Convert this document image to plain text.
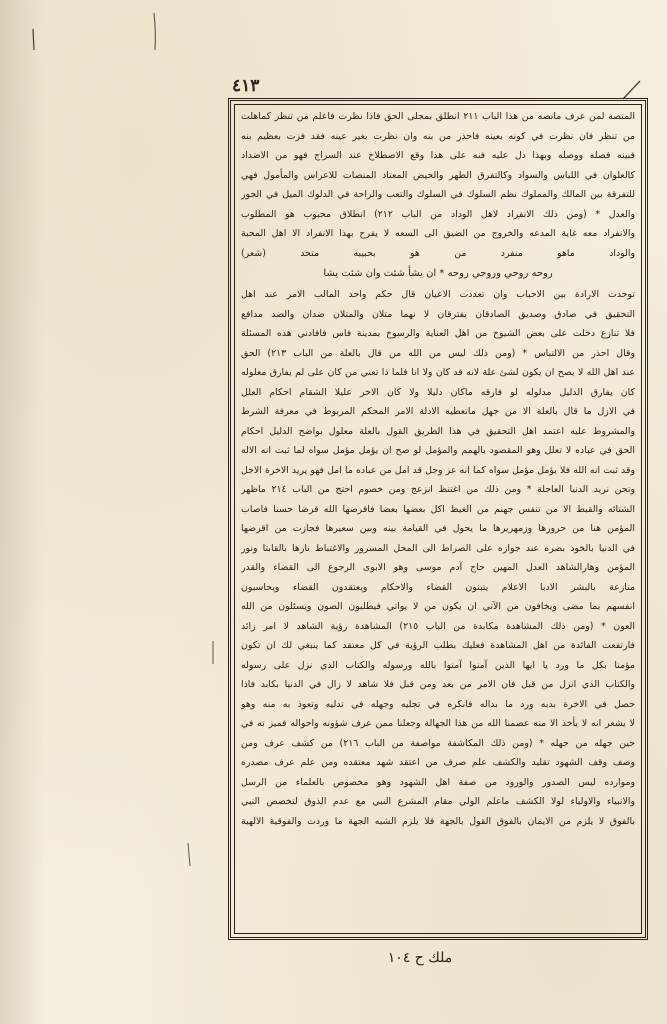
٤١٣
المنصه لمن عرف مانصه من هذا الباب ٢١١ انطلق بمجلى الحق فاذا نظرت فاعلم من تنظر كماهلت
من تنظر فان نظرت في كونه بعينه فاحذر من بنه وان نظرت بغير عينه فقد فزت بعظيم بنه
فبينه فصله ووصله وبهذا دل عليه فنه على هذا وقع الاصطلاح عند السراج فهو من الاضداد
كالعلوان في اللباس والسواد وكالتفرق الطهر والحيض المعتاد المنصات للاعراس والمأمول فهي
للتفرقة بين المالك والمملوك نظم السلوك في السلوك والتعب والراحة في الدلوك الميل في الجور
والعدل * (ومن ذلك الانفراد لاهل الوداد من الباب ٢١٢) انطلاق محبوب هو المطلوب
والانفراد معه غاية المدعه والخروج من الضيق الى السعه لا يفرح بهذا الانفراد الا اهل المحبة
والوداد ماهو منفرد من هو بحبيبه متحد (شعر)
روحه روحي وروحي روحه * ان يشأ شئت وان شئت يشا
توحدت الارادة بين الاحباب وان تعددت الاعيان قال حكم واحد المالب الامر عند اهل
التحقيق في صادق وصديق الصادقان يفترقان لا نهما متلان والمتلان ضدان والضد مدافع
فلا تنازع دخلت على بعض الشيوخ من اهل العناية والرسوخ بمدينة فاس فافادني هذه المسئلة
وقال احذر من الالتباس * (ومن ذلك ليس من الله من قال بالعلة من الباب ٢١٣) الحق
عند اهل الله لا يصح ان يكون لشئ علة لانه قد كان ولا انا فلما ذا تعني من كان على لم يفارق معلوله
كان يفارق الدليل مدلوله لو فارقه ماكان دليلا ولا كان الاخر عليلا الشقام احكام العلل
في الازل ما قال بالعلة الا من جهل ماتعطيه الادلة الامر المحكم المربوط في معرفة الشرط
والمشروط عليه اعتمد اهل التحقيق في هذا الطريق القول بالعلة معلول بواضح الدليل احكام
الحق في عباده لا تعلل وهو المقصود بالهمم والمؤمل لو صح ان يؤمل مؤمل سواه لما ثبت انه الاله
وقد ثبت انه الله فلا يؤمل مؤمل سواه كما انه عز وجل قد امل من عباده ما امل فهو يريد الاخرة الاجل
وتحن نريد الدنيا العاجلة * ومن ذلك من اغتنظ انزعج ومن خصوم احتج من الباب ٢١٤ ماظهر
الشتائه والقبط الا من تنفس جهنم من الغيظ اكل بعضها بعضا فاقرضها الله قرضا حسنا فاصاب
المؤمن هنا من حرورها وزمهريرها ما يحول في القيامة بينه وبين سعيرها فجازت من اقرضها
في الدنيا بالخود بصره عند جوازه على الصراط الى المحل المسرور والاغتباط نارها بالقابتا ونور
المؤمن وهارالشاهد العدل المهين حاج آدم موسى وهو الابوى الرجوع الى القضاء والقدر
منازعة بالبشر الادبا الاعلام يتبنون القضاء والاحكام ويعتقدون القضاء ويحاسبون
انفسهم بما مضى ويخافون من الآتي ان يكون من لا يواتي فيطلبون الصون ويسئلون من الله
العون * (ومن ذلك المشاهدة مكابدة من الباب ٢١٥) المشاهدة رؤية الشاهد لا امر زائد
فارتفعت الفائدة من اهل المشاهدة فعليك بطلب الرؤية في كل معتقد كما ينبغي لك ان تكون
مؤمنا بكل ما ورد يا ايها الذين آمنوا آمنوا بالله ورسوله والكتاب الذي نزل على رسوله
والكتاب الذي انزل من قبل فان الامر من بعد ومن قبل فلا شاهد لا زال في الدنيا بكابد فاذا
حصل في الاخرة بدبه ورد ما بداله فانكره في تجليه وجهله في تدليه وتعوذ به منه وهو
لا يشعر انه لا يأخذ الا منه عصمنا الله من هذا الجهالة وجعلنا ممن عرف شؤونه واحواله فميز ته في
حين جهله من جهله * (ومن ذلك المكاشفة مواصفة من الباب ٢١٦) من كشف عرف ومن
وصف وقف الشهود تقليد والكشف علم صرف من اعتقد شهد معتقده ومن علم عرف مصدره
وموارده ليس الصدور والورود من صفة اهل الشهود وهو مخصوص بالعلماء من الرسل
والانبياء والاولياء لولا الكشف ماعلم الولي مقام المشرع النبي مع عدم الذوق لتخصص النبي
بالفوق لا يلزم من الايمان بالفوق القول بالجهة فلا يلزم الشبه الجهة ما وردت والفوقية الالهية
ملك ح ١٠٤
